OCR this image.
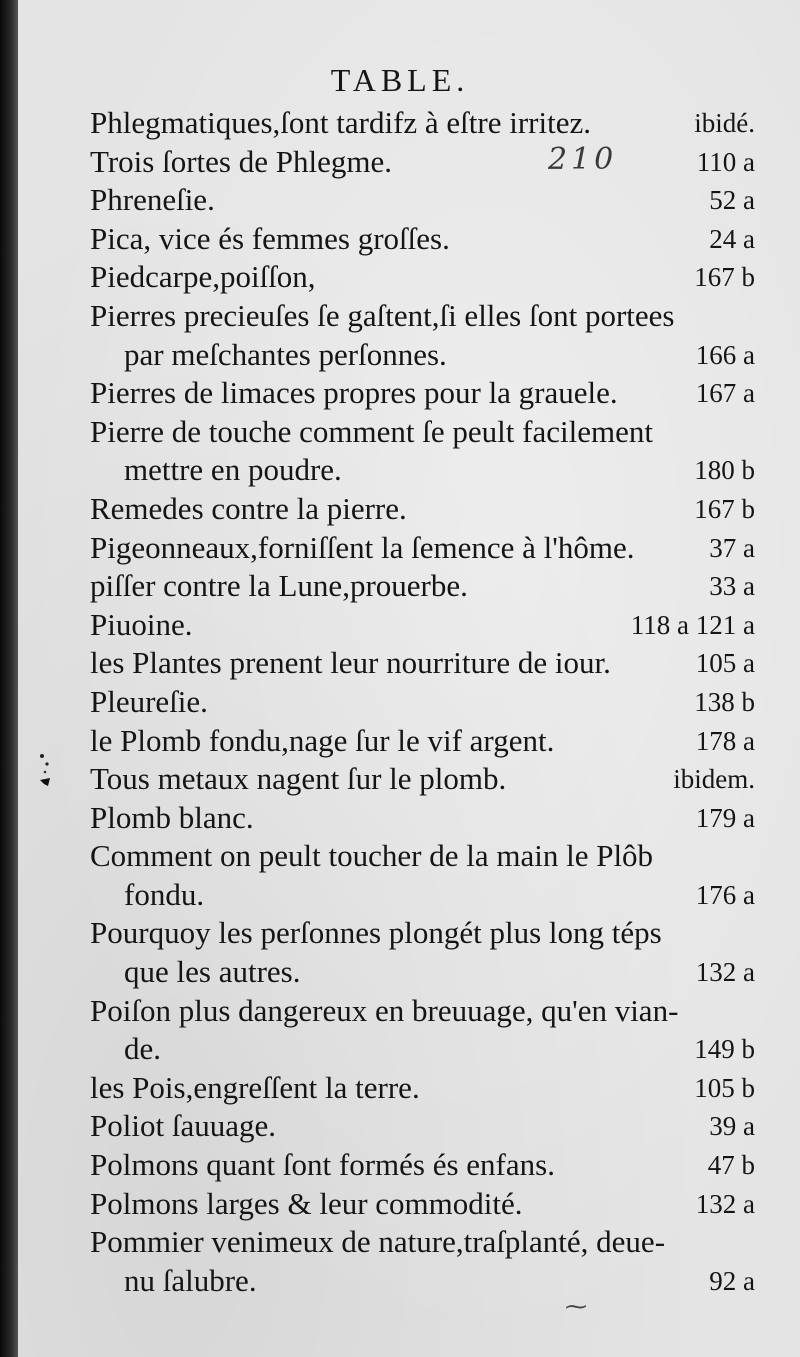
TABLE.
210
Phlegmatiques,ſont tardifz à eſtre irritez.	ibidé.
Trois ſortes de Phlegme.	110 a
Phreneſie.	52 a
Pica, vice és femmes groſſes.	24 a
Piedcarpe,poiſſon,	167 b
Pierres precieuſes ſe gaſtent,ſi elles ſont portees
par meſchantes perſonnes.	166 a
Pierres de limaces propres pour la grauele.	167 a
Pierre de touche comment ſe peult facilement
mettre en poudre.	180 b
Remedes contre la pierre.	167 b
Pigeonneaux,forniſſent la ſemence à l'hôme.	37 a
piſſer contre la Lune,prouerbe.	33 a
Piuoine.	118 a 121 a
les Plantes prenent leur nourriture de iour.	105 a
Pleureſie.	138 b
le Plomb fondu,nage ſur le vif argent.	178 a
Tous metaux nagent ſur le plomb.	ibidem.
Plomb blanc.	179 a
Comment on peult toucher de la main le Plôb
fondu.	176 a
Pourquoy les perſonnes plongét plus long téps
que les autres.	132 a
Poiſon plus dangereux en breuuage, qu'en vian-
de.	149 b
les Pois,engreſſent la terre.	105 b
Poliot ſauuage.	39 a
Polmons quant ſont formés és enfans.	47 b
Polmons larges & leur commodité.	132 a
Pommier venimeux de nature,traſplanté, deue-
nu ſalubre.	92 a
⁓
